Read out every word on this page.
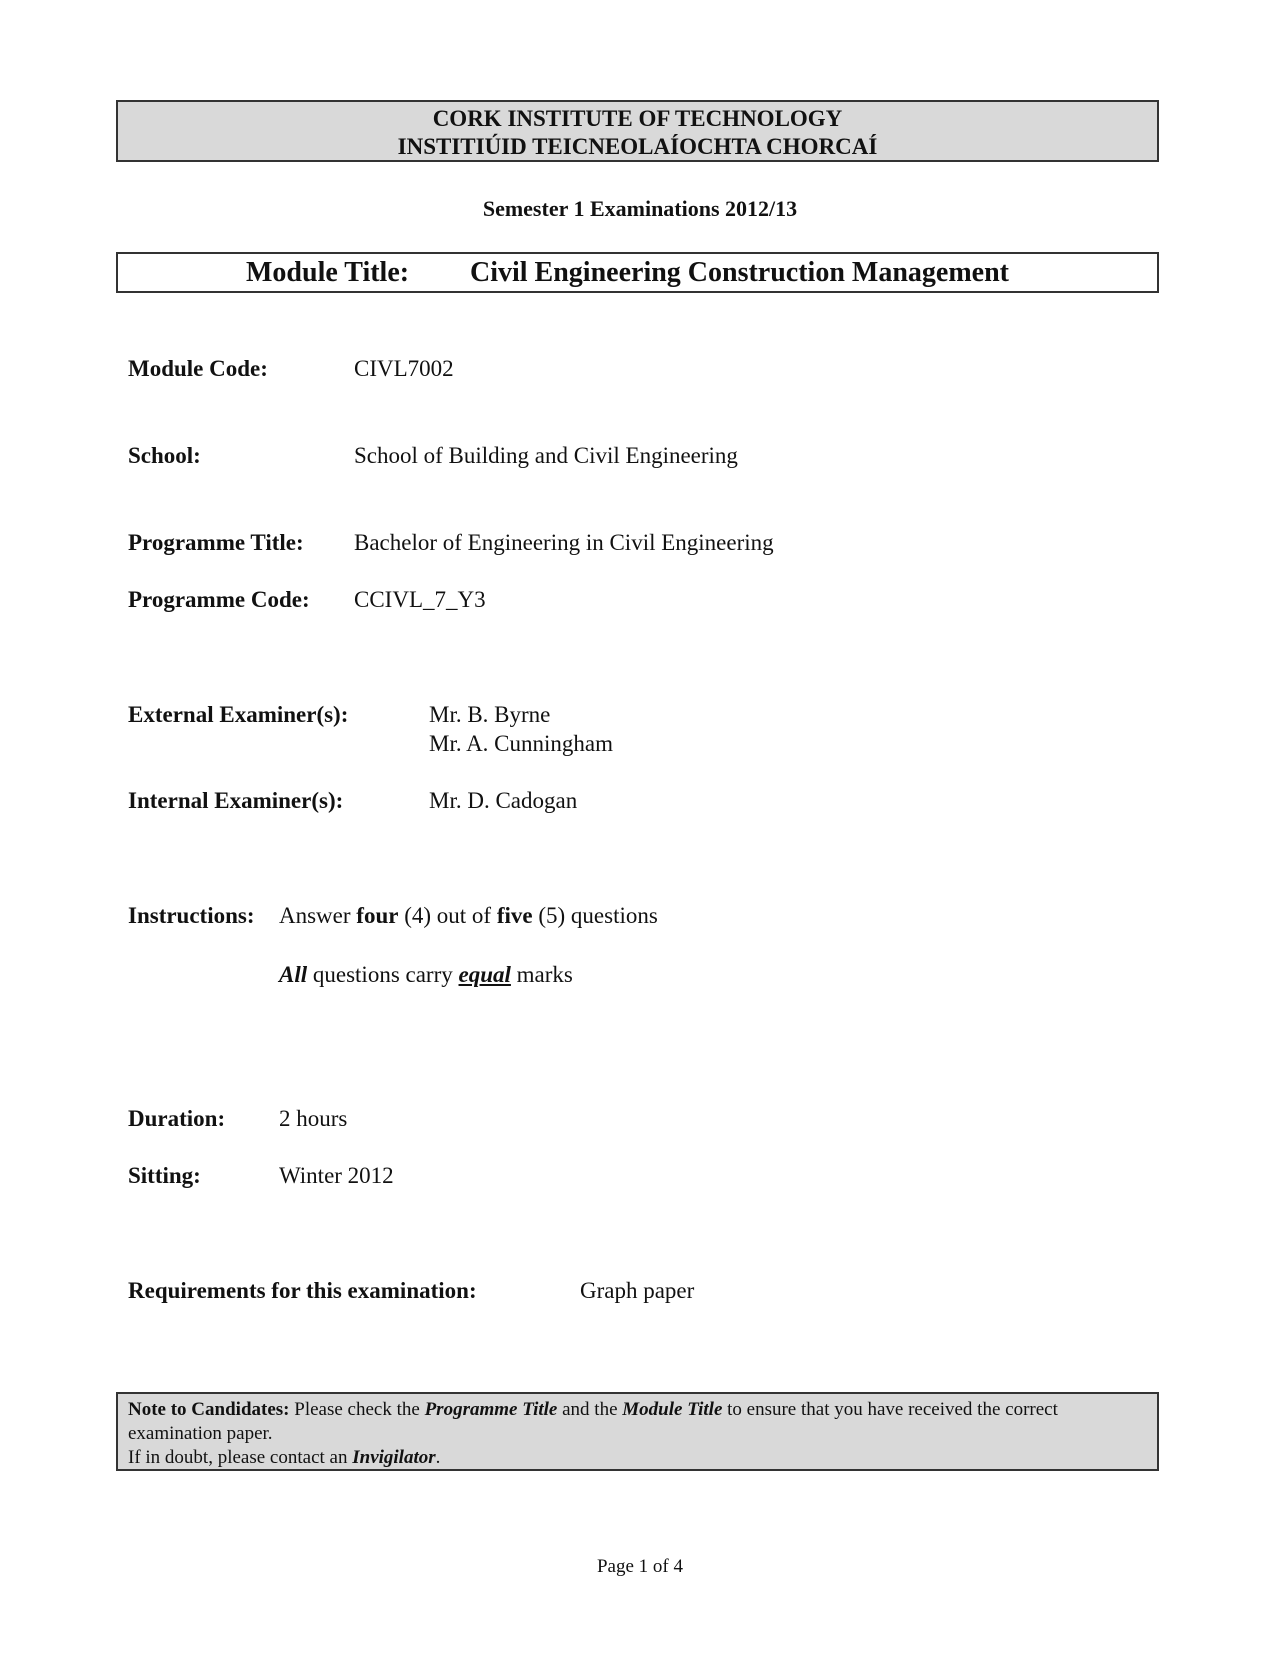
CORK INSTITUTE OF TECHNOLOGY
INSTITIÚID TEICNEOLAÍOCHTA CHORCAÍ
Semester 1 Examinations 2012/13
Module Title: Civil Engineering Construction Management
Module Code:	CIVL7002
School:	School of Building and Civil Engineering
Programme Title: Bachelor of Engineering in Civil Engineering
Programme Code: CCIVL_7_Y3
External Examiner(s):	Mr. B. Byrne
Mr. A. Cunningham
Internal Examiner(s):	Mr. D. Cadogan
Instructions: Answer four (4) out of five (5) questions
All questions carry equal marks
Duration: 2 hours
Sitting:	Winter 2012
Requirements for this examination:	Graph paper
Note to Candidates: Please check the Programme Title and the Module Title to ensure that you have received the correct examination paper.
If in doubt, please contact an Invigilator.
Page 1 of 4
